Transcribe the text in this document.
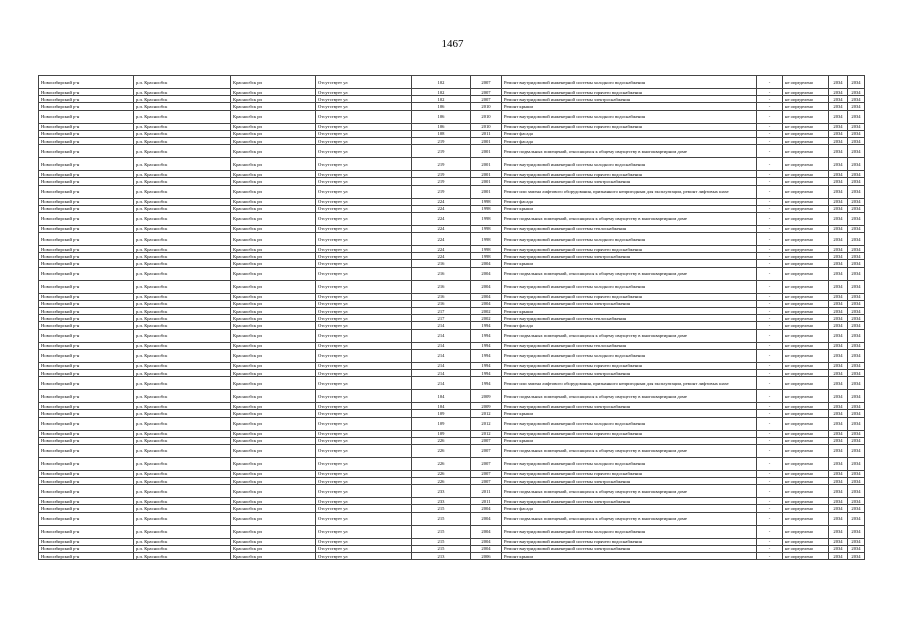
1467
Новосибирский р-н	р.п. Краснообск	Краснообск рп	Отсутствует ул	102	2007	Ремонт внутридомовой инженерной системы холодного водоснабжения	-	не определено	2034	2034
Новосибирский р-н	р.п. Краснообск	Краснообск рп	Отсутствует ул	102	2007	Ремонт внутридомовой инженерной системы горячего водоснабжения	-	не определено	2034	2034
Новосибирский р-н	р.п. Краснообск	Краснообск рп	Отсутствует ул	102	2007	Ремонт внутридомовой инженерной системы электроснабжения	-	не определено	2034	2034
Новосибирский р-н	р.п. Краснообск	Краснообск рп	Отсутствует ул	106	2010	Ремонт крыши	-	не определено	2034	2034
Новосибирский р-н	р.п. Краснообск	Краснообск рп	Отсутствует ул	106	2010	Ремонт внутридомовой инженерной системы холодного водоснабжения	-	не определено	2034	2034
Новосибирский р-н	р.п. Краснообск	Краснообск рп	Отсутствует ул	106	2010	Ремонт внутридомовой инженерной системы горячего водоснабжения	-	не определено	2034	2034
Новосибирский р-н	р.п. Краснообск	Краснообск рп	Отсутствует ул	108	2011	Ремонт фасада	-	не определено	2034	2034
Новосибирский р-н	р.п. Краснообск	Краснообск рп	Отсутствует ул	219	2001	Ремонт фасада	-	не определено	2034	2034
Новосибирский р-н	р.п. Краснообск	Краснообск рп	Отсутствует ул	219	2001	Ремонт подвальных помещений, относящихся к общему имуществу в многоквартирном доме	-	не определено	2034	2034
Новосибирский р-н	р.п. Краснообск	Краснообск рп	Отсутствует ул	219	2001	Ремонт внутридомовой инженерной системы холодного водоснабжения	-	не определено	2034	2034
Новосибирский р-н	р.п. Краснообск	Краснообск рп	Отсутствует ул	219	2001	Ремонт внутридомовой инженерной системы горячего водоснабжения	-	не определено	2034	2034
Новосибирский р-н	р.п. Краснообск	Краснообск рп	Отсутствует ул	219	2001	Ремонт внутридомовой инженерной системы электроснабжения	-	не определено	2034	2034
Новосибирский р-н	р.п. Краснообск	Краснообск рп	Отсутствует ул	219	2001	Ремонт или замена лифтового оборудования, признанного непригодным для эксплуатации, ремонт лифтовых шахт	-	не определено	2034	2034
Новосибирский р-н	р.п. Краснообск	Краснообск рп	Отсутствует ул	224	1998	Ремонт фасада	-	не определено	2034	2034
Новосибирский р-н	р.п. Краснообск	Краснообск рп	Отсутствует ул	224	1998	Ремонт крыши	-	не определено	2034	2034
Новосибирский р-н	р.п. Краснообск	Краснообск рп	Отсутствует ул	224	1998	Ремонт подвальных помещений, относящихся к общему имуществу в многоквартирном доме	-	не определено	2034	2034
Новосибирский р-н	р.п. Краснообск	Краснообск рп	Отсутствует ул	224	1998	Ремонт внутридомовой инженерной системы теплоснабжения	-	не определено	2034	2034
Новосибирский р-н	р.п. Краснообск	Краснообск рп	Отсутствует ул	224	1998	Ремонт внутридомовой инженерной системы холодного водоснабжения	-	не определено	2034	2034
Новосибирский р-н	р.п. Краснообск	Краснообск рп	Отсутствует ул	224	1998	Ремонт внутридомовой инженерной системы горячего водоснабжения	-	не определено	2034	2034
Новосибирский р-н	р.п. Краснообск	Краснообск рп	Отсутствует ул	224	1998	Ремонт внутридомовой инженерной системы электроснабжения	-	не определено	2034	2034
Новосибирский р-н	р.п. Краснообск	Краснообск рп	Отсутствует ул	216	2004	Ремонт крыши	-	не определено	2034	2034
Новосибирский р-н	р.п. Краснообск	Краснообск рп	Отсутствует ул	216	2004	Ремонт подвальных помещений, относящихся к общему имуществу в многоквартирном доме	-	не определено	2034	2034
Новосибирский р-н	р.п. Краснообск	Краснообск рп	Отсутствует ул	216	2004	Ремонт внутридомовой инженерной системы холодного водоснабжения	-	не определено	2034	2034
Новосибирский р-н	р.п. Краснообск	Краснообск рп	Отсутствует ул	216	2004	Ремонт внутридомовой инженерной системы горячего водоснабжения	-	не определено	2034	2034
Новосибирский р-н	р.п. Краснообск	Краснообск рп	Отсутствует ул	216	2004	Ремонт внутридомовой инженерной системы электроснабжения	-	не определено	2034	2034
Новосибирский р-н	р.п. Краснообск	Краснообск рп	Отсутствует ул	217	2002	Ремонт крыши	-	не определено	2034	2034
Новосибирский р-н	р.п. Краснообск	Краснообск рп	Отсутствует ул	217	2002	Ремонт внутридомовой инженерной системы теплоснабжения	-	не определено	2034	2034
Новосибирский р-н	р.п. Краснообск	Краснообск рп	Отсутствует ул	214	1994	Ремонт фасада	-	не определено	2034	2034
Новосибирский р-н	р.п. Краснообск	Краснообск рп	Отсутствует ул	214	1994	Ремонт подвальных помещений, относящихся к общему имуществу в многоквартирном доме	-	не определено	2034	2034
Новосибирский р-н	р.п. Краснообск	Краснообск рп	Отсутствует ул	214	1994	Ремонт внутридомовой инженерной системы теплоснабжения	-	не определено	2034	2034
Новосибирский р-н	р.п. Краснообск	Краснообск рп	Отсутствует ул	214	1994	Ремонт внутридомовой инженерной системы холодного водоснабжения	-	не определено	2034	2034
Новосибирский р-н	р.п. Краснообск	Краснообск рп	Отсутствует ул	214	1994	Ремонт внутридомовой инженерной системы горячего водоснабжения	-	не определено	2034	2034
Новосибирский р-н	р.п. Краснообск	Краснообск рп	Отсутствует ул	214	1994	Ремонт внутридомовой инженерной системы электроснабжения	-	не определено	2034	2034
Новосибирский р-н	р.п. Краснообск	Краснообск рп	Отсутствует ул	214	1994	Ремонт или замена лифтового оборудования, признанного непригодным для эксплуатации, ремонт лифтовых шахт	-	не определено	2034	2034
Новосибирский р-н	р.п. Краснообск	Краснообск рп	Отсутствует ул	104	2009	Ремонт подвальных помещений, относящихся к общему имуществу в многоквартирном доме	-	не определено	2034	2034
Новосибирский р-н	р.п. Краснообск	Краснообск рп	Отсутствует ул	104	2009	Ремонт внутридомовой инженерной системы электроснабжения	-	не определено	2034	2034
Новосибирский р-н	р.п. Краснообск	Краснообск рп	Отсутствует ул	109	2012	Ремонт крыши	-	не определено	2034	2034
Новосибирский р-н	р.п. Краснообск	Краснообск рп	Отсутствует ул	109	2012	Ремонт внутридомовой инженерной системы холодного водоснабжения	-	не определено	2034	2034
Новосибирский р-н	р.п. Краснообск	Краснообск рп	Отсутствует ул	109	2012	Ремонт внутридомовой инженерной системы горячего водоснабжения	-	не определено	2034	2034
Новосибирский р-н	р.п. Краснообск	Краснообск рп	Отсутствует ул	226	2007	Ремонт крыши	-	не определено	2034	2034
Новосибирский р-н	р.п. Краснообск	Краснообск рп	Отсутствует ул	226	2007	Ремонт подвальных помещений, относящихся к общему имуществу в многоквартирном доме	-	не определено	2034	2034
Новосибирский р-н	р.п. Краснообск	Краснообск рп	Отсутствует ул	226	2007	Ремонт внутридомовой инженерной системы холодного водоснабжения	-	не определено	2034	2034
Новосибирский р-н	р.п. Краснообск	Краснообск рп	Отсутствует ул	226	2007	Ремонт внутридомовой инженерной системы горячего водоснабжения	-	не определено	2034	2034
Новосибирский р-н	р.п. Краснообск	Краснообск рп	Отсутствует ул	226	2007	Ремонт внутридомовой инженерной системы электроснабжения	-	не определено	2034	2034
Новосибирский р-н	р.п. Краснообск	Краснообск рп	Отсутствует ул	233	2011	Ремонт подвальных помещений, относящихся к общему имуществу в многоквартирном доме	-	не определено	2034	2034
Новосибирский р-н	р.п. Краснообск	Краснообск рп	Отсутствует ул	233	2011	Ремонт внутридомовой инженерной системы электроснабжения	-	не определено	2034	2034
Новосибирский р-н	р.п. Краснообск	Краснообск рп	Отсутствует ул	215	2004	Ремонт фасада	-	не определено	2034	2034
Новосибирский р-н	р.п. Краснообск	Краснообск рп	Отсутствует ул	215	2004	Ремонт подвальных помещений, относящихся к общему имуществу в многоквартирном доме	-	не определено	2034	2034
Новосибирский р-н	р.п. Краснообск	Краснообск рп	Отсутствует ул	215	2004	Ремонт внутридомовой инженерной системы холодного водоснабжения	-	не определено	2034	2034
Новосибирский р-н	р.п. Краснообск	Краснообск рп	Отсутствует ул	215	2004	Ремонт внутридомовой инженерной системы горячего водоснабжения	-	не определено	2034	2034
Новосибирский р-н	р.п. Краснообск	Краснообск рп	Отсутствует ул	215	2004	Ремонт внутридомовой инженерной системы электроснабжения	-	не определено	2034	2034
Новосибирский р-н	р.п. Краснообск	Краснообск рп	Отсутствует ул	213	2006	Ремонт крыши	-	не определено	2034	2034
